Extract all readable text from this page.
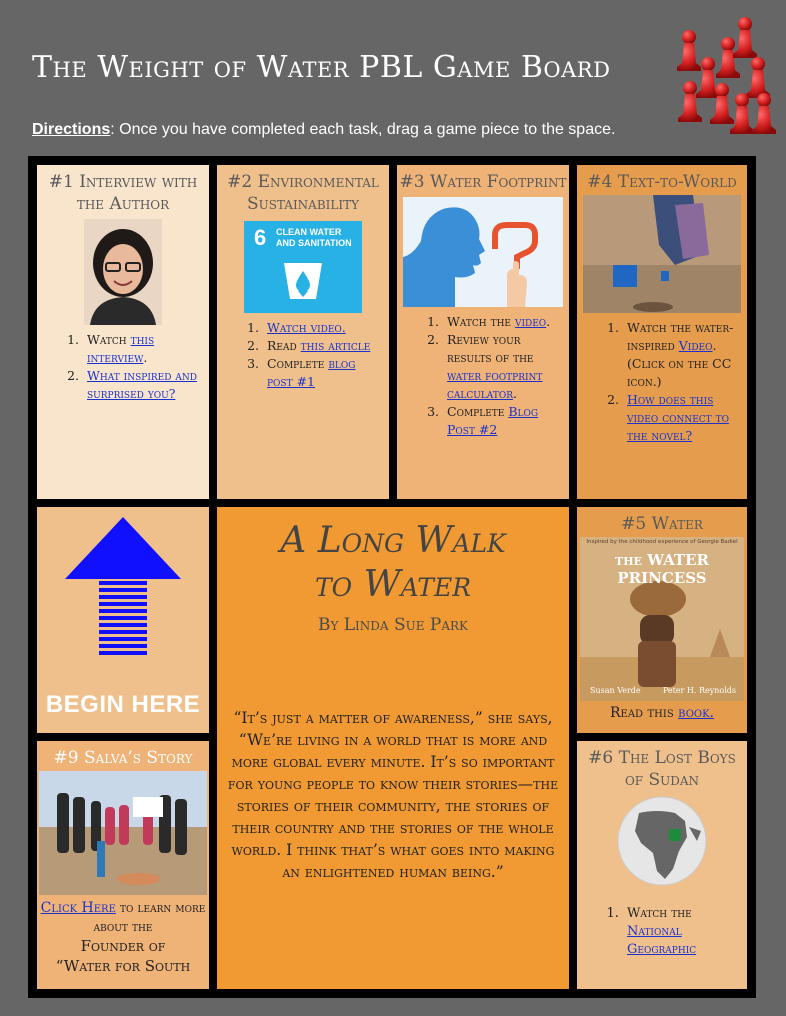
The Weight of Water PBL Game Board
Directions: Once you have completed each task, drag a game piece to the space.
#1 Interview with the Author
1. Watch this interview.
2. What inspired and surprised you?
#2 Environmental Sustainability
6 CLEAN WATER AND SANITATION
1. Watch video.
2. Read this article
3. Complete blog post #1
#3 Water Footprint
1. Watch the video.
2. Review your results of the water footprint calculator.
3. Complete Blog Post #2
#4 Text-to-World
1. Watch the water-inspired Video. (Click on the CC icon.)
2. How does this video connect to the novel?
BEGIN HERE
A Long Walk to Water
By Linda Sue Park
“It’s just a matter of awareness,” she says, “We’re living in a world that is more and more global every minute. It’s so important for young people to know their stories—the stories of their community, the stories of their country and the stories of the whole world. I think that’s what goes into making an enlightened human being.”
#5 Water
Inspired by the childhood experience of Georgie Badiel
the WATER PRINCESS
Susan Verde	Peter H. Reynolds
Read this book.
#9 Salva’s Story
Click Here to learn more about the
Founder of
“Water for South
#6 The Lost Boys of Sudan
1. Watch the National Geographic
